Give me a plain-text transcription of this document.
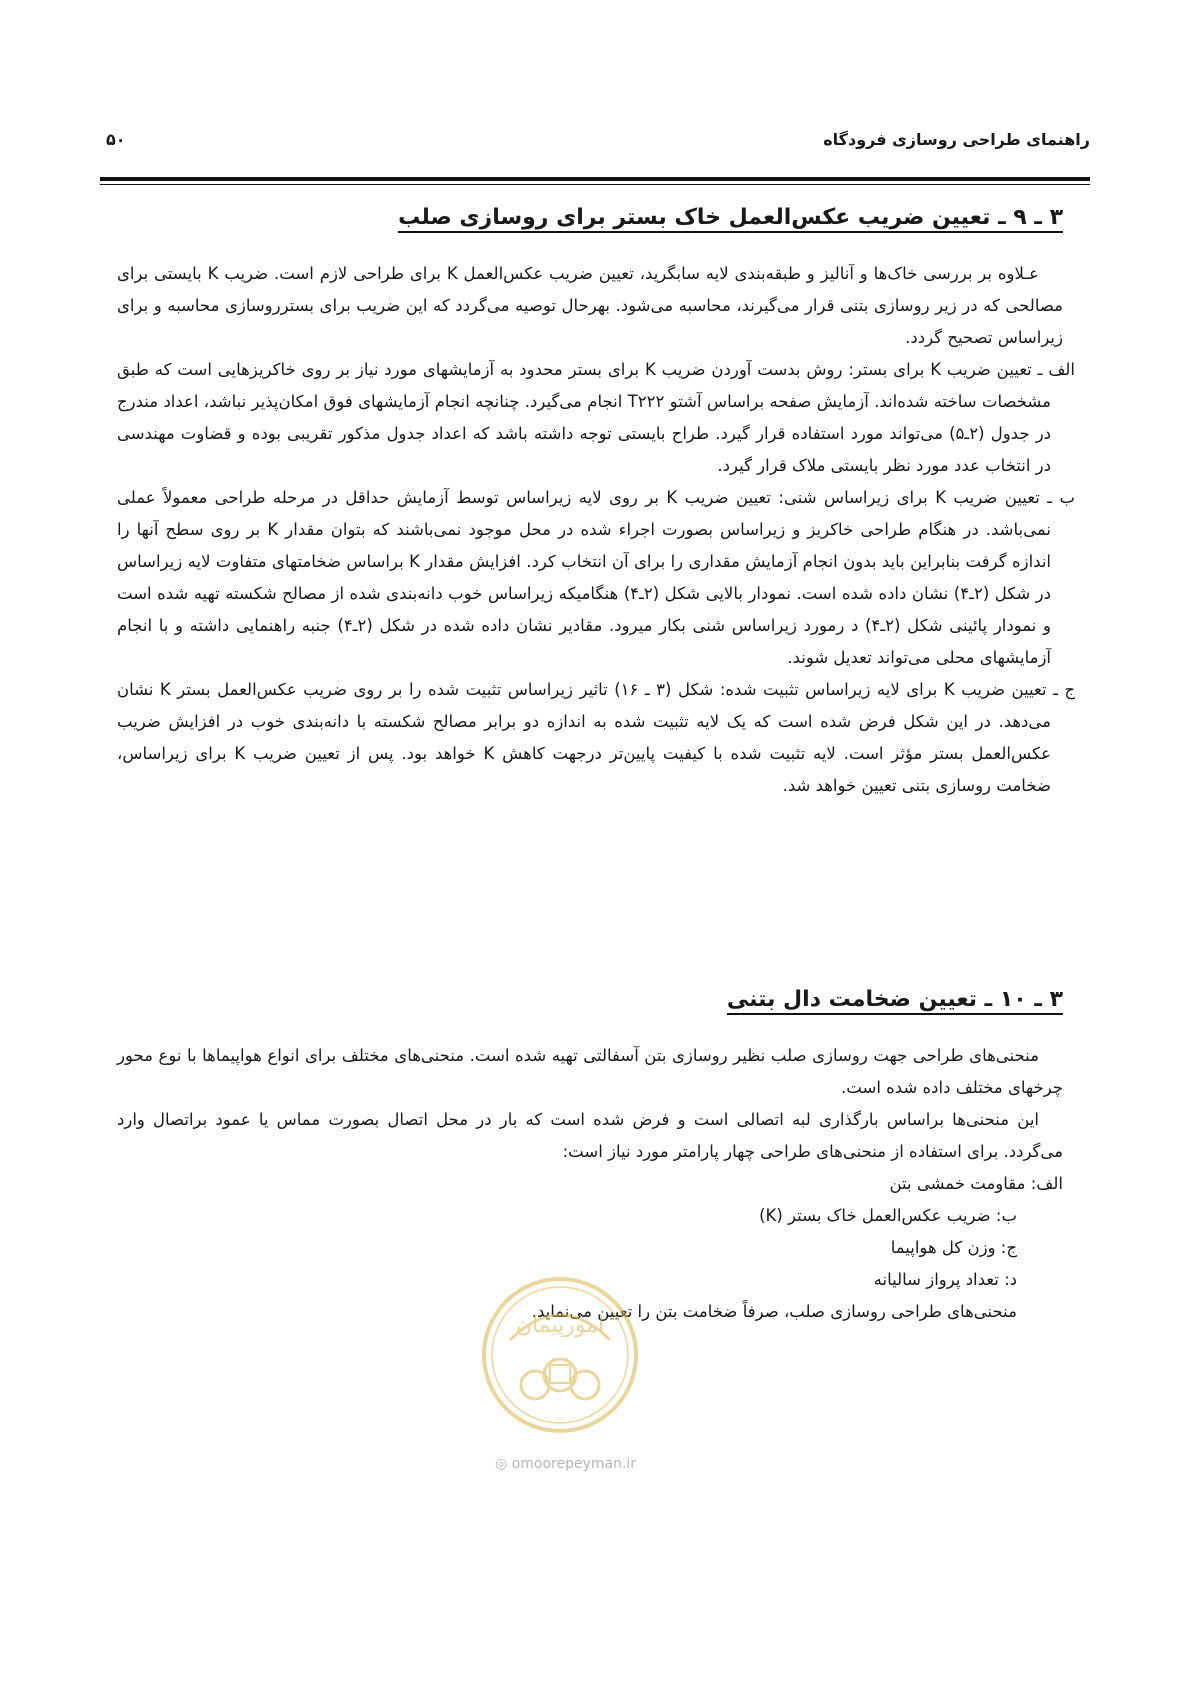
۵۰	راهنمای طراحی روسازی فرودگاه
۳ ـ ۹ ـ تعیین ضریب عکس‌العمل خاک بستر برای روسازی صلب

عـلاوه بر بررسی خاک‌ها و آنالیز و طبقه‌بندی لایه سابگرید، تعیین ضریب عکس‌العمل K برای طراحی لازم است. ضریب K بایستی برای مصالحی که در زیر روسازی بتنی قرار می‌گیرند، محاسبه می‌شود. بهرحال توصیه می‌گردد که این ضریب برای بستر‌روسازی محاسبه و برای زیراساس تصحیح گردد.

الف ـ تعیین ضریب K برای بستر: روش بدست آوردن ضریب K برای بستر محدود به آزمایشهای مورد نیاز بر روی خاکریزهایی است که طبق مشخصات ساخته شده‌اند. آزمایش صفحه براساس آشتو T۲۲۲ انجام می‌گیرد. چنانچه انجام آزمایشهای فوق امکان‌پذیر نباشد، اعداد مندرج در جدول (۲ـ۵) می‌تواند مورد استفاده قرار گیرد. طراح بایستی توجه داشته باشد که اعداد جدول مذکور تقریبی بوده و قضاوت مهندسی در انتخاب عدد مورد نظر بایستی ملاک قرار گیرد.

ب ـ تعیین ضریب K برای زیراساس شنی: تعیین ضریب K بر روی لایه زیراساس توسط آزمایش حداقل در مرحله طراحی معمولاً عملی نمی‌باشد. در هنگام طراحی خاکریز و زیراساس بصورت اجراء شده در محل موجود نمی‌باشند که بتوان مقدار K بر روی سطح آنها را اندازه گرفت بنابراین باید بدون انجام آزمایش مقداری را برای آن انتخاب کرد. افزایش مقدار K براساس ضخامتهای متفاوت لایه زیراساس در شکل (۲ـ۴) نشان داده شده است. نمودار بالایی شکل (۲ـ۴) هنگامیکه زیراساس خوب دانه‌بندی شده از مصالح شکسته تهیه شده است و نمودار پائینی شکل (۲ـ۴) د رمورد زیراساس شنی بکار میرود. مقادیر نشان داده شده در شکل (۲ـ۴) جنبه راهنمایی داشته و با انجام آزمایشهای محلی می‌تواند تعدیل شوند.

ج ـ تعیین ضریب K برای لایه زیراساس تثبیت شده: شکل (۳ ـ ۱۶) تاثیر زیراساس تثبیت شده را بر روی ضریب عکس‌العمل بستر K نشان می‌دهد. در این شکل فرض شده است که یک لایه تثبیت شده به اندازه دو برابر مصالح شکسته با دانه‌بندی خوب در افزایش ضریب عکس‌العمل بستر مؤثر است. لایه تثبیت شده با کیفیت پایین‌تر درجهت کاهش K خواهد بود. پس از تعیین ضریب K برای زیراساس، ضخامت روسازی بتنی تعیین خواهد شد.

۳ ـ ۱۰ ـ تعیین ضخامت دال بتنی

منحنی‌های طراحی جهت روسازی صلب نظیر روسازی بتن آسفالتی تهیه شده است. منحنی‌های مختلف برای انواع هواپیماها با نوع محور چرخهای مختلف داده شده است.

این منحنی‌ها براساس بارگذاری لبه اتصالی است و فرض شده است که بار در محل اتصال بصورت مماس یا عمود براتصال وارد می‌گردد. برای استفاده از منحنی‌های طراحی چهار پارامتر مورد نیاز است:

الف: مقاومت خمشی بتن

ب: ضریب عکس‌العمل خاک بستر (K)

ج: وزن کل هواپیما

د: تعداد پرواز سالیانه

منحنی‌های طراحی روسازی صلب، صرفاً ضخامت بتن را تعیین می‌نماید.

امورپیمان
◎ omoorepeyman.ir
